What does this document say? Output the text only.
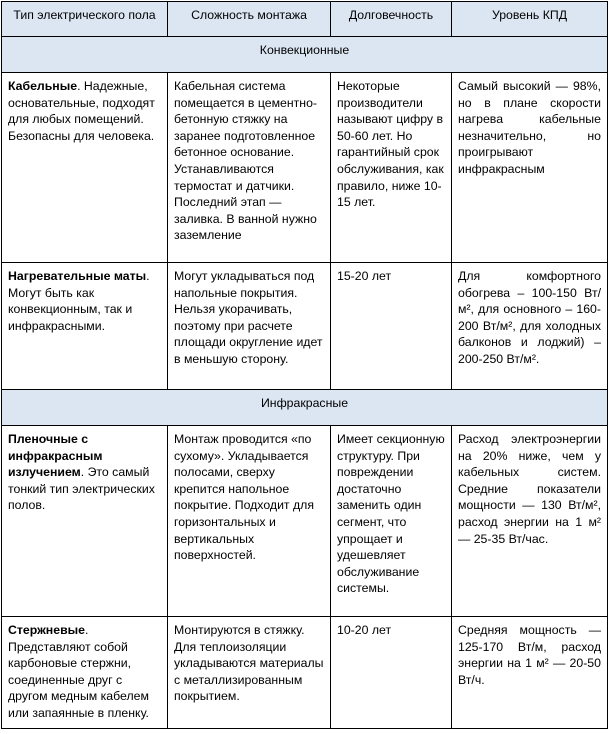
Тип электрического пола	Сложность монтажа	Долговечность	Уровень КПД
Конвекционные			
Кабельные. Надежные, основательные, подходят для любых помещений. Безопасны для человека.	Кабельная система помещается в цементно-бетонную стяжку на заранее подготовленное бетонное основание. Устанавливаются термостат и датчики. Последний этап — заливка. В ванной нужно заземление	Некоторые производители называют цифру в 50-60 лет. Но гарантийный срок обслуживания, как правило, ниже 10-15 лет.	Самый высокий — 98%, но в плане скорости нагрева кабельные незначительно, но проигрывают инфракрасным
Нагревательные маты. Могут быть как конвекционным, так и инфракрасными.	Могут укладываться под напольные покрытия. Нельзя укорачивать, поэтому при расчете площади округление идет в меньшую сторону.	15-20 лет	Для комфортного обогрева – 100-150 Вт/м², для основного – 160-200 Вт/м², для холодных балконов и лоджий) – 200-250 Вт/м².
Инфракрасные			
Пленочные с инфракрасным излучением. Это самый тонкий тип электрических полов.	Монтаж проводится «по сухому». Укладывается полосами, сверху крепится напольное покрытие. Подходит для горизонтальных и вертикальных поверхностей.	Имеет секционную структуру. При повреждении достаточно заменить один сегмент, что упрощает и удешевляет обслуживание системы.	Расход электроэнергии на 20% ниже, чем у кабельных систем. Средние показатели мощности — 130 Вт/м², расход энергии на 1 м² — 25-35 Вт/час.
Стержневые. Представляют собой карбоновые стержни, соединенные друг с другом медным кабелем или запаянные в пленку.	Монтируются в стяжку. Для теплоизоляции укладываются материалы с металлизированным покрытием.	10-20 лет	Средняя мощность — 125-170 Вт/м, расход энергии на 1 м² — 20-50 Вт/ч.
